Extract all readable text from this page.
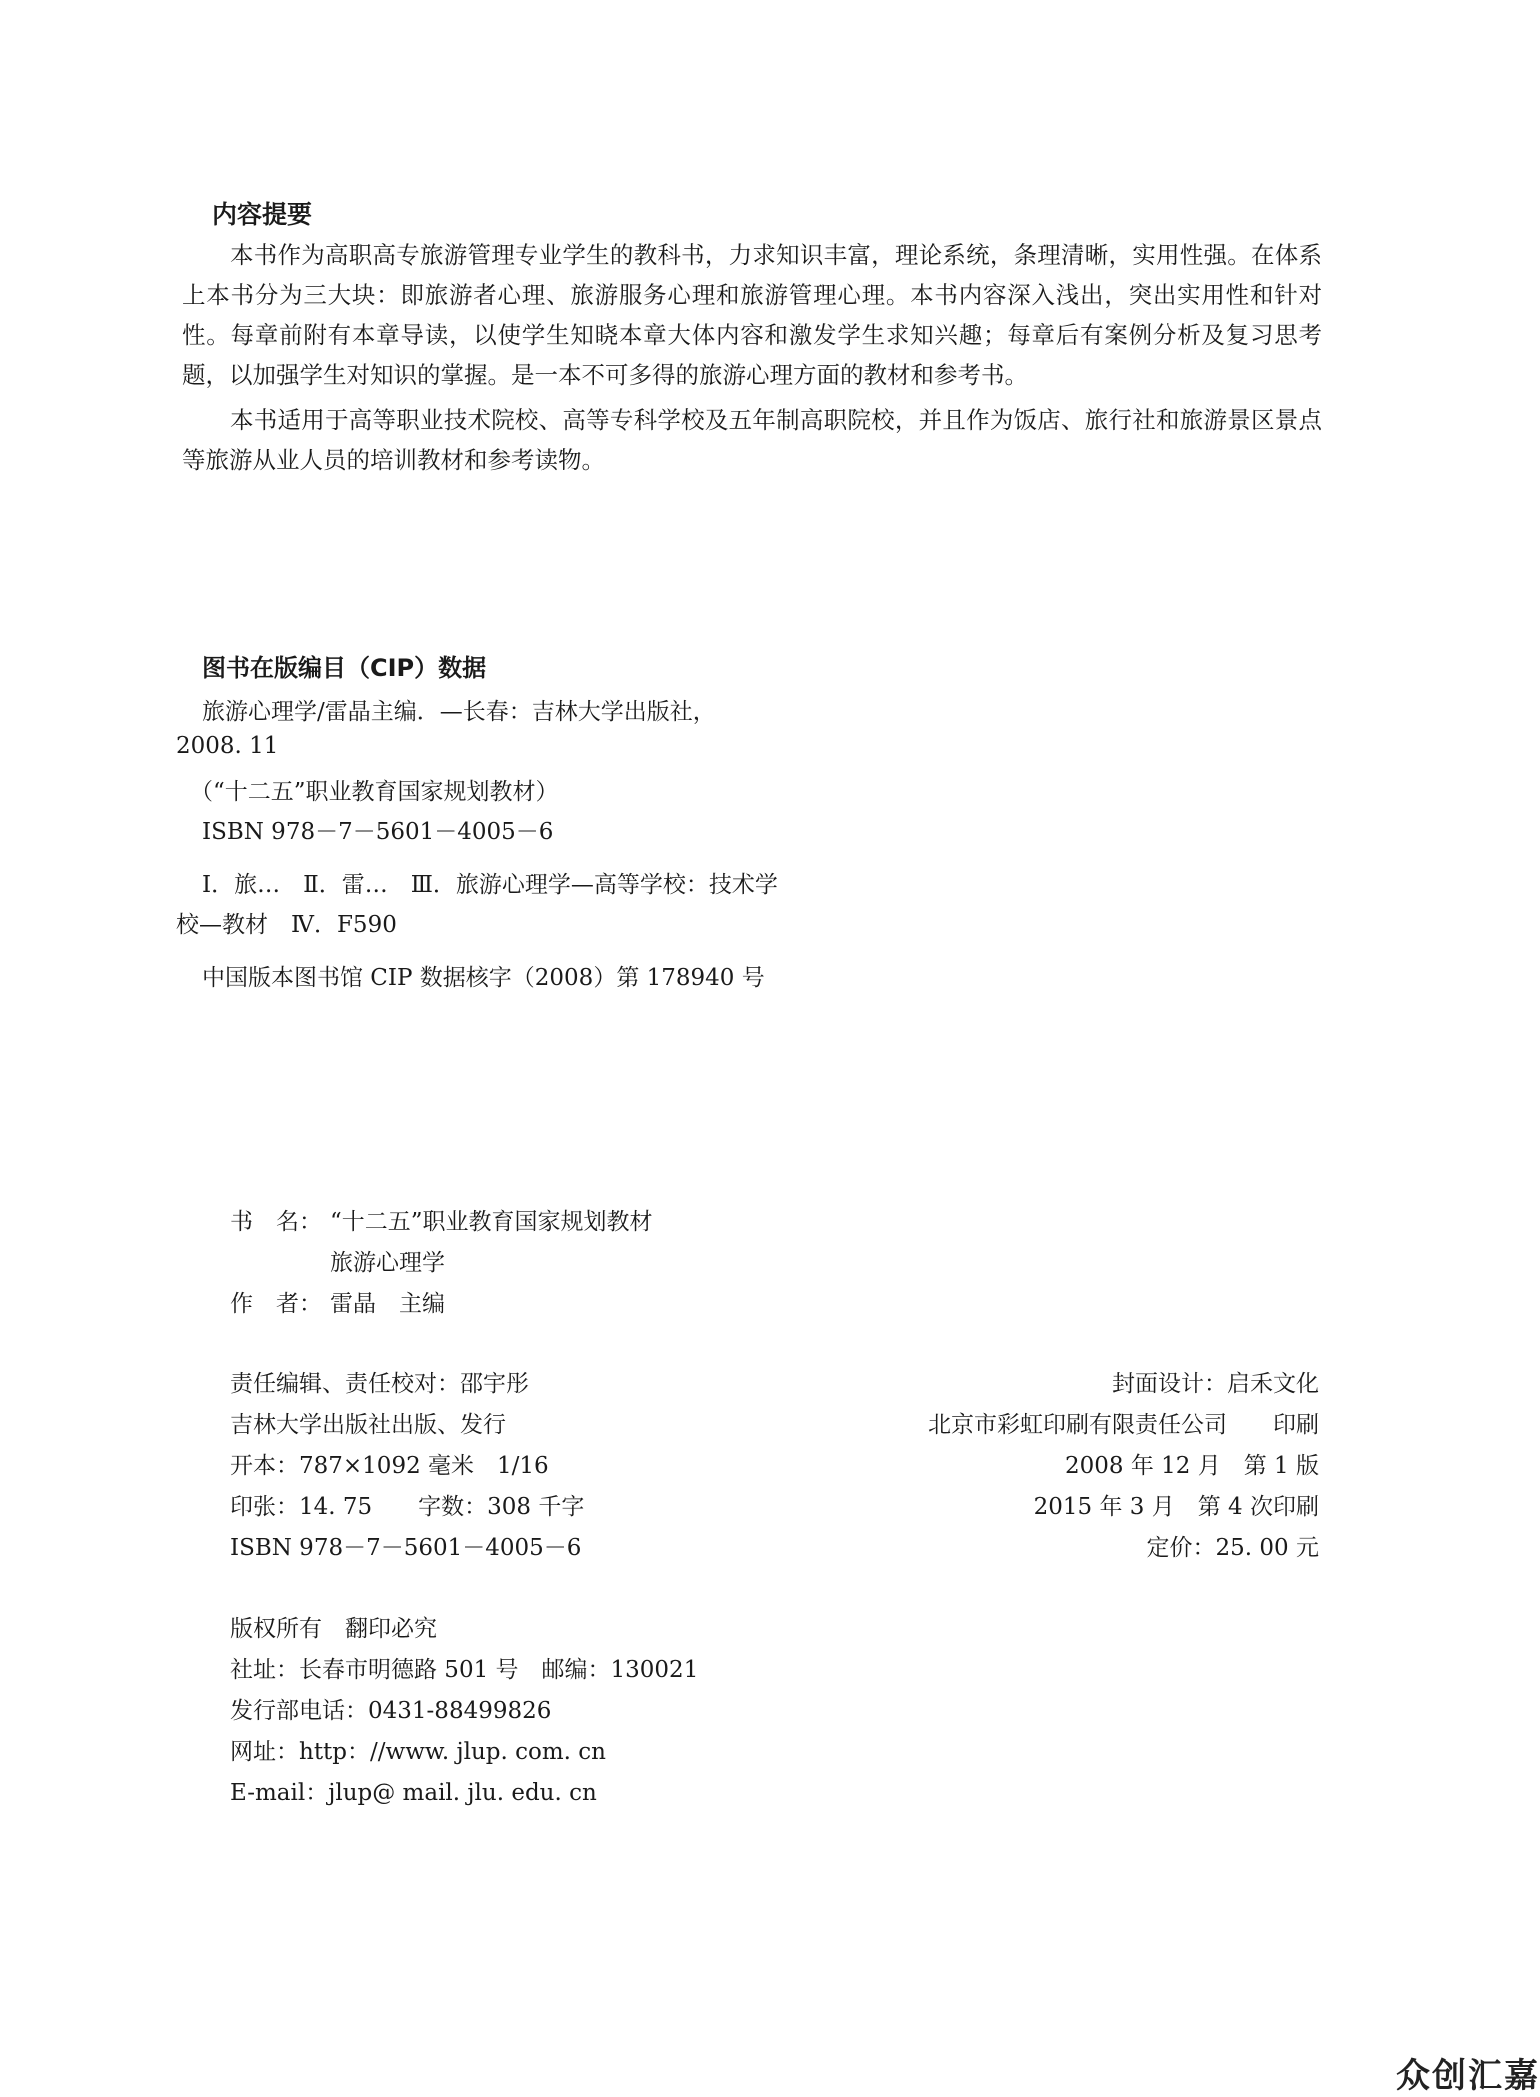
内容提要

本书作为高职高专旅游管理专业学生的教科书，力求知识丰富，理论系统，条理清晰，实用性强。在体系上本书分为三大块：即旅游者心理、旅游服务心理和旅游管理心理。本书内容深入浅出，突出实用性和针对性。每章前附有本章导读，以使学生知晓本章大体内容和激发学生求知兴趣；每章后有案例分析及复习思考题，以加强学生对知识的掌握。是一本不可多得的旅游心理方面的教材和参考书。

本书适用于高等职业技术院校、高等专科学校及五年制高职院校，并且作为饭店、旅行社和旅游景区景点等旅游从业人员的培训教材和参考读物。

图书在版编目（CIP）数据
旅游心理学/雷晶主编．—长春：吉林大学出版社，
2008. 11
（“十二五”职业教育国家规划教材）
ISBN 978－7－5601－4005－6
Ⅰ．旅…　Ⅱ．雷…　Ⅲ．旅游心理学—高等学校：技术学
校—教材　Ⅳ．F590
中国版本图书馆 CIP 数据核字（2008）第 178940 号
书　名： “十二五”职业教育国家规划教材
旅游心理学
作　者： 雷晶　主编
责任编辑、责任校对：邵宇彤
吉林大学出版社出版、发行
开本：787×1092 毫米　1/16
印张：14. 75　　字数：308 千字
ISBN 978－7－5601－4005－6
封面设计：启禾文化
北京市彩虹印刷有限责任公司　　印刷
2008 年 12 月　第 1 版
2015 年 3 月　第 4 次印刷
定价：25. 00 元
版权所有　翻印必究
社址：长春市明德路 501 号　邮编：130021
发行部电话：0431-88499826
网址：http：//www. jlup. com. cn
E-mail：jlup@ mail. jlu. edu. cn
众创汇嘉
